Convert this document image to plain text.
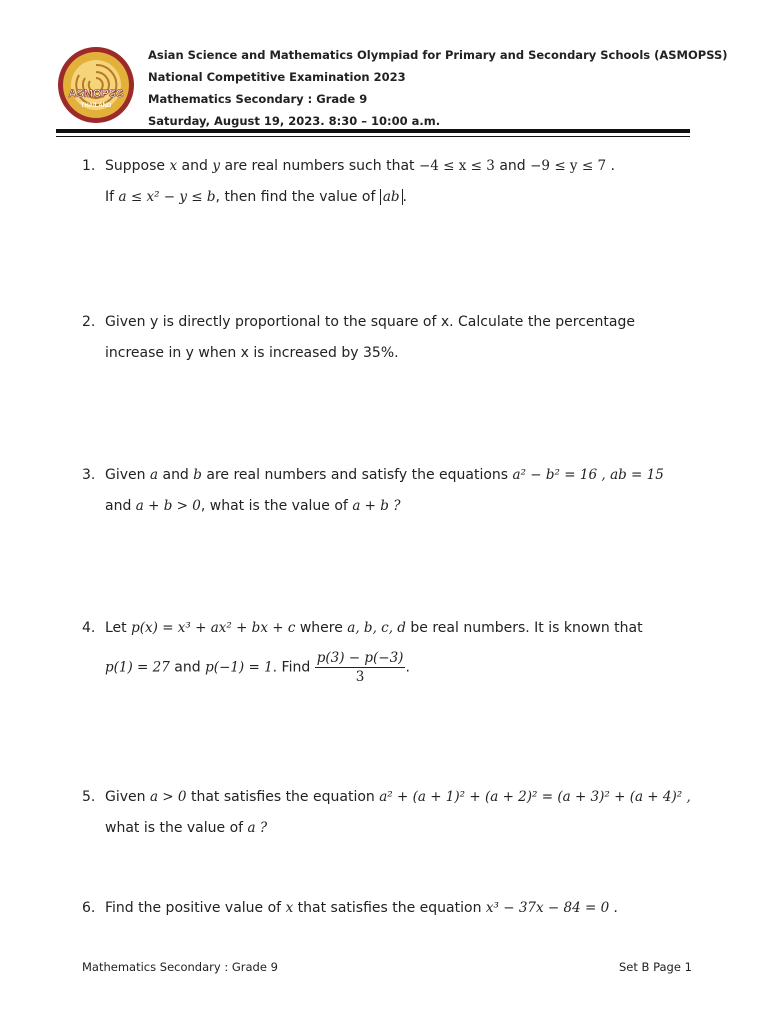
ASMOPSS
THAILAND
Asian Science and Mathematics Olympiad for Primary and Secondary Schools (ASMOPSS)
National Competitive Examination 2023
Mathematics Secondary : Grade 9
Saturday, August 19, 2023. 8:30 – 10:00 a.m.
1. Suppose x and y are real numbers such that −4 ≤ x ≤ 3 and −9 ≤ y ≤ 7 .
If a ≤ x² − y ≤ b, then find the value of ab .
2. Given y is directly proportional to the square of x. Calculate the percentage
increase in y when x is increased by 35%.
3. Given a and b are real numbers and satisfy the equations a² − b² = 16 , ab = 15
and a + b > 0, what is the value of a + b ?
4. Let p(x) = x³ + ax² + bx + c where a, b, c, d be real numbers. It is known that
p(1) = 27 and p(−1) = 1. Find $\frac{p(3) - p(-3)}{3}$ .
5. Given a > 0 that satisfies the equation a² + (a + 1)² + (a + 2)² = (a + 3)² + (a + 4)² ,
what is the value of a ?
6. Find the positive value of x that satisfies the equation x³ − 37x − 84 = 0 .
Mathematics Secondary : Grade 9	Set B Page 1
